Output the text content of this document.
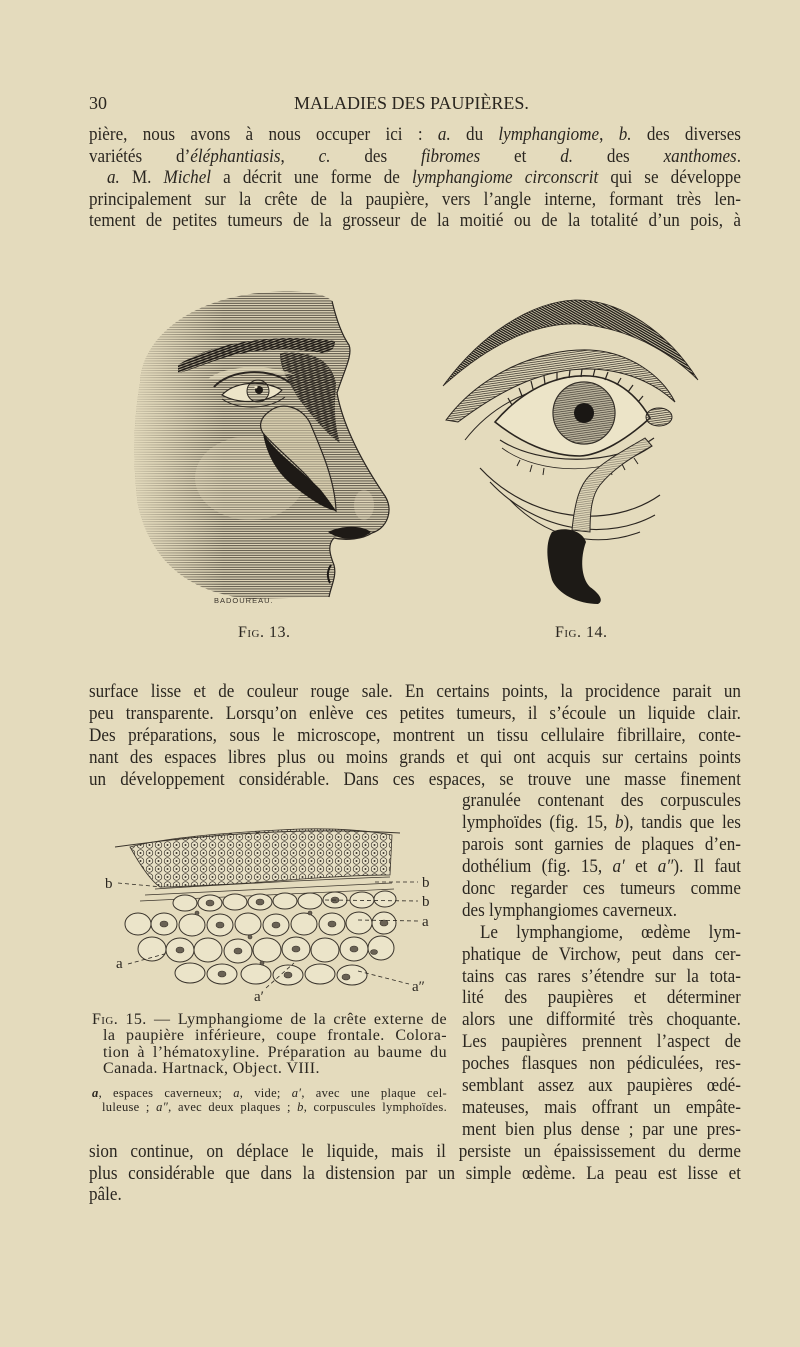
30	MALADIES DES PAUPIÈRES.
pière, nous avons à nous occuper ici : a. du lymphangiome, b. des diverses
variétés d’éléphantiasis, c. des fibromes et d. des xanthomes.
a. M. Michel a décrit une forme de lymphangiome circonscrit qui se développe
principalement sur la crête de la paupière, vers l’angle interne, formant très len-
tement de petites tumeurs de la grosseur de la moitié ou de la totalité d’un pois, à
BADOUREAU.
Fig. 13.	Fig. 14.
surface lisse et de couleur rouge sale. En certains points, la procidence parait un
peu transparente. Lorsqu’on enlève ces petites tumeurs, il s’écoule un liquide clair.
Des préparations, sous le microscope, montrent un tissu cellulaire fibrillaire, conte-
nant des espaces libres plus ou moins grands et qui ont acquis sur certains points
un développement considérable. Dans ces espaces, se trouve une masse finement
granulée contenant des corpuscules
lymphoïdes (fig. 15, b), tandis que les
parois sont garnies de plaques d’en-
dothélium (fig. 15, a′ et a″). Il faut
donc regarder ces tumeurs comme
des lymphangiomes caverneux.
Le lymphangiome, œdème lym-
phatique de Virchow, peut dans cer-
tains cas rares s’étendre sur la tota-
lité des paupières et déterminer
alors une difformité très choquante.
Les paupières prennent l’aspect de
poches flasques non pédiculées, res-
semblant assez aux paupières œdé-
mateuses, mais offrant un empâte-
ment bien plus dense ; par une pres-
sion continue, on déplace le liquide, mais il persiste un épaississement du derme
plus considérable que dans la distension par un simple œdème. La peau est lisse et
pâle.
b	b
b
a
a
a′
a″
Fig. 15. — Lymphangiome de la crête externe de
la paupière inférieure, coupe frontale. Colora-
tion à l’hématoxyline. Préparation au baume du
Canada. Hartnack, Object. VIII.
a, espaces caverneux; a, vide; a′, avec une plaque cel-
luleuse ; a″, avec deux plaques ; b, corpuscules lymphoïdes.
